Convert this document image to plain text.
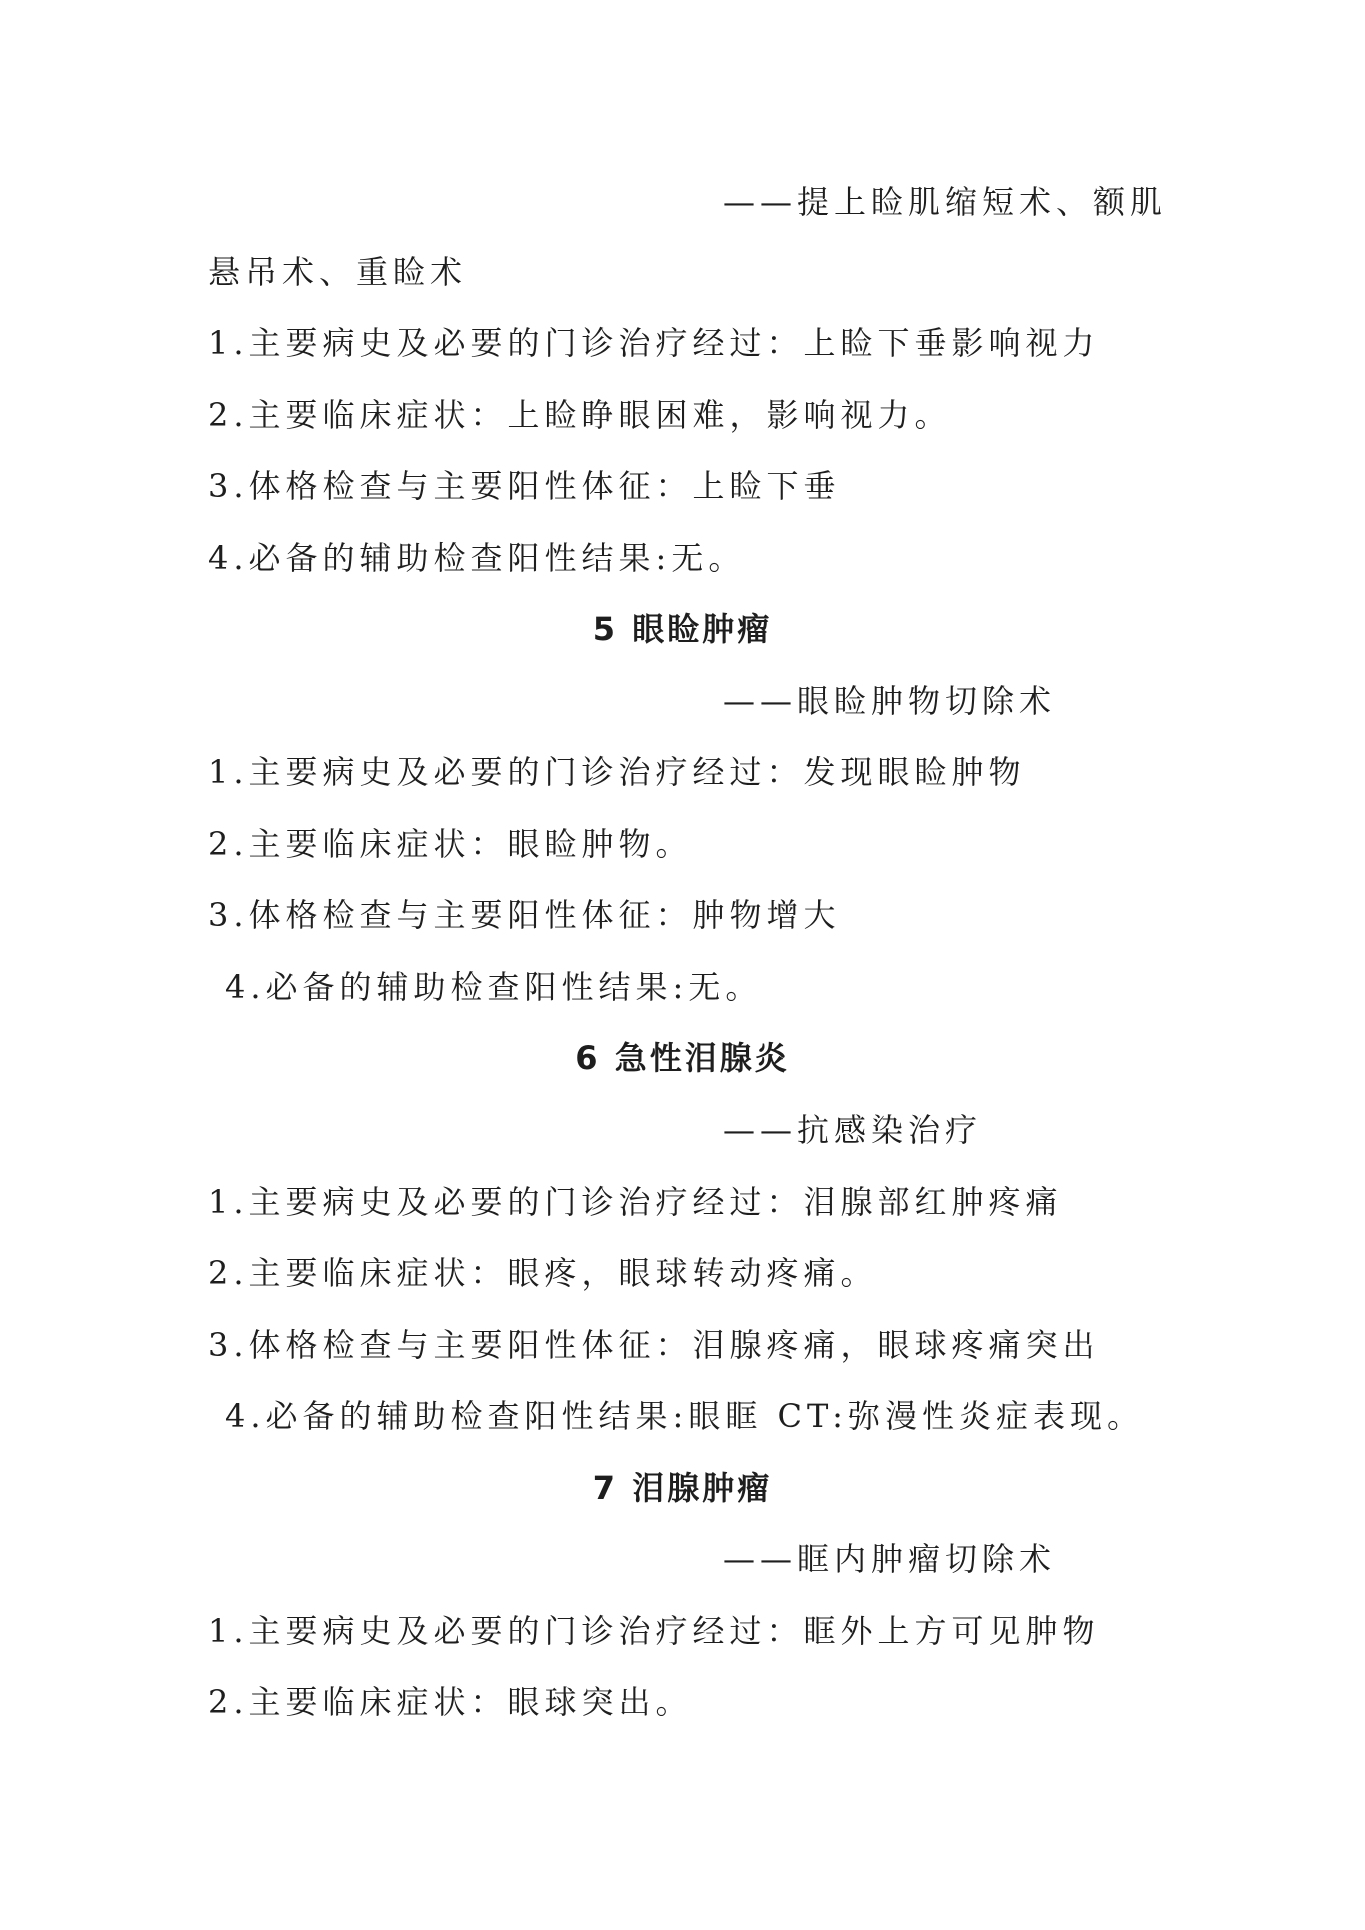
——提上睑肌缩短术、额肌
悬吊术、重睑术
1.主要病史及必要的门诊治疗经过：上睑下垂影响视力
2.主要临床症状：上睑睁眼困难，影响视力。
3.体格检查与主要阳性体征：上睑下垂
4.必备的辅助检查阳性结果:无。
5 眼睑肿瘤
——眼睑肿物切除术
1.主要病史及必要的门诊治疗经过：发现眼睑肿物
2.主要临床症状：眼睑肿物。
3.体格检查与主要阳性体征：肿物增大
4.必备的辅助检查阳性结果:无。
6 急性泪腺炎
——抗感染治疗
1.主要病史及必要的门诊治疗经过：泪腺部红肿疼痛
2.主要临床症状：眼疼，眼球转动疼痛。
3.体格检查与主要阳性体征：泪腺疼痛，眼球疼痛突出
4.必备的辅助检查阳性结果:眼眶 CT:弥漫性炎症表现。
7 泪腺肿瘤
——眶内肿瘤切除术
1.主要病史及必要的门诊治疗经过：眶外上方可见肿物
2.主要临床症状：眼球突出。
